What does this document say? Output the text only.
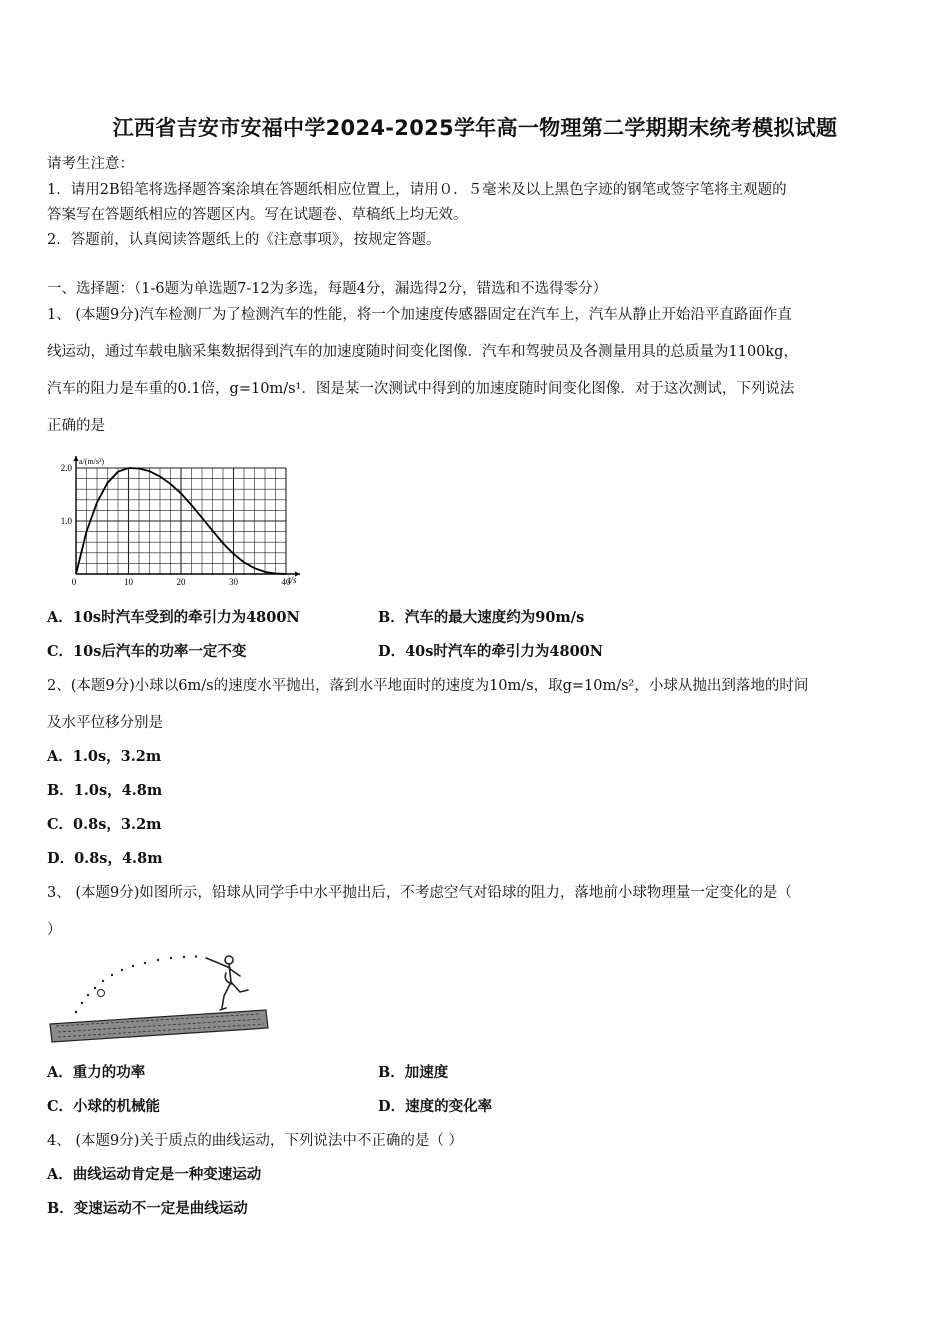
江西省吉安市安福中学2024-2025学年高一物理第二学期期末统考模拟试题
请考生注意：
1．请用2B铅笔将选择题答案涂填在答题纸相应位置上，请用０．５毫米及以上黑色字迹的钢笔或签字笔将主观题的
答案写在答题纸相应的答题区内。写在试题卷、草稿纸上均无效。
2．答题前，认真阅读答题纸上的《注意事项》，按规定答题。
一、选择题：（1-6题为单选题7-12为多选，每题4分，漏选得2分，错选和不选得零分）
1、 (本题9分)汽车检测厂为了检测汽车的性能，将一个加速度传感器固定在汽车上，汽车从静止开始沿平直路面作直
线运动，通过车载电脑采集数据得到汽车的加速度随时间变化图像．汽车和驾驶员及各测量用具的总质量为1100kg，
汽车的阻力是车重的0.1倍，g=10m/s¹．图是某一次测试中得到的加速度随时间变化图像．对于这次测试，下列说法
正确的是
0	10	20	30	40
1.0
2.0
a/(m/s²)
t/s
A．10s时汽车受到的牵引力为4800N	B．汽车的最大速度约为90m/s
C．10s后汽车的功率一定不变	D．40s时汽车的牵引力为4800N
2、(本题9分)小球以6m/s的速度水平抛出，落到水平地面时的速度为10m/s，取g=10m/s²，小球从抛出到落地的时间
及水平位移分别是
A．1.0s，3.2m
B．1.0s，4.8m
C．0.8s，3.2m
D．0.8s，4.8m
3、 (本题9分)如图所示，铅球从同学手中水平抛出后，不考虑空气对铅球的阻力，落地前小球物理量一定变化的是（
）
A．重力的功率	B．加速度
C．小球的机械能	D．速度的变化率
4、 (本题9分)关于质点的曲线运动，下列说法中不正确的是（ ）
A．曲线运动肯定是一种变速运动
B．变速运动不一定是曲线运动
